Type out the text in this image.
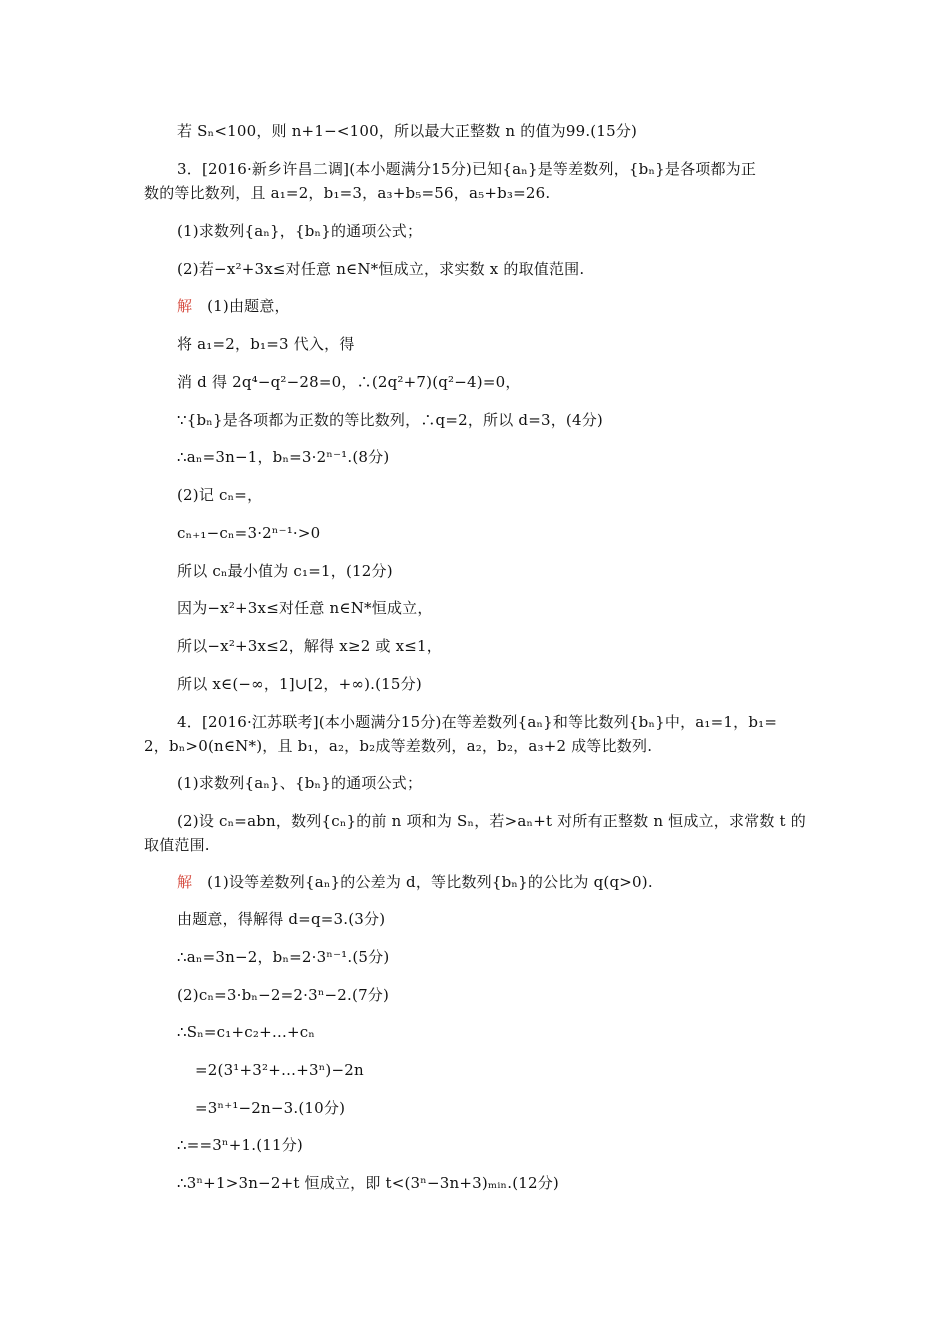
若 Sₙ<100，则 n+1−<100，所以最大正整数 n 的值为99.(15分)
3．[2016·新乡许昌二调](本小题满分15分)已知{aₙ}是等差数列，{bₙ}是各项都为正
数的等比数列，且 a₁=2，b₁=3，a₃+b₅=56，a₅+b₃=26.
(1)求数列{aₙ}，{bₙ}的通项公式；
(2)若−x²+3x≤对任意 n∈N*恒成立，求实数 x 的取值范围.
解 (1)由题意，
将 a₁=2，b₁=3 代入，得
消 d 得 2q⁴−q²−28=0，∴(2q²+7)(q²−4)=0，
∵{bₙ}是各项都为正数的等比数列，∴q=2，所以 d=3，(4分)
∴aₙ=3n−1，bₙ=3·2ⁿ⁻¹.(8分)
(2)记 cₙ=，
cₙ₊₁−cₙ=3·2ⁿ⁻¹·>0
所以 cₙ最小值为 c₁=1，(12分)
因为−x²+3x≤对任意 n∈N*恒成立，
所以−x²+3x≤2，解得 x≥2 或 x≤1，
所以 x∈(−∞，1]∪[2，+∞).(15分)
4．[2016·江苏联考](本小题满分15分)在等差数列{aₙ}和等比数列{bₙ}中，a₁=1，b₁=
2，bₙ>0(n∈N*)，且 b₁，a₂，b₂成等差数列，a₂，b₂，a₃+2 成等比数列.
(1)求数列{aₙ}、{bₙ}的通项公式；
(2)设 cₙ=abn，数列{cₙ}的前 n 项和为 Sₙ，若>aₙ+t 对所有正整数 n 恒成立，求常数 t 的
取值范围.
解 (1)设等差数列{aₙ}的公差为 d，等比数列{bₙ}的公比为 q(q>0).
由题意，得解得 d=q=3.(3分)
∴aₙ=3n−2，bₙ=2·3ⁿ⁻¹.(5分)
(2)cₙ=3·bₙ−2=2·3ⁿ−2.(7分)
∴Sₙ=c₁+c₂+…+cₙ
=2(3¹+3²+…+3ⁿ)−2n
=3ⁿ⁺¹−2n−3.(10分)
∴==3ⁿ+1.(11分)
∴3ⁿ+1>3n−2+t 恒成立，即 t<(3ⁿ−3n+3)ₘᵢₙ.(12分)
